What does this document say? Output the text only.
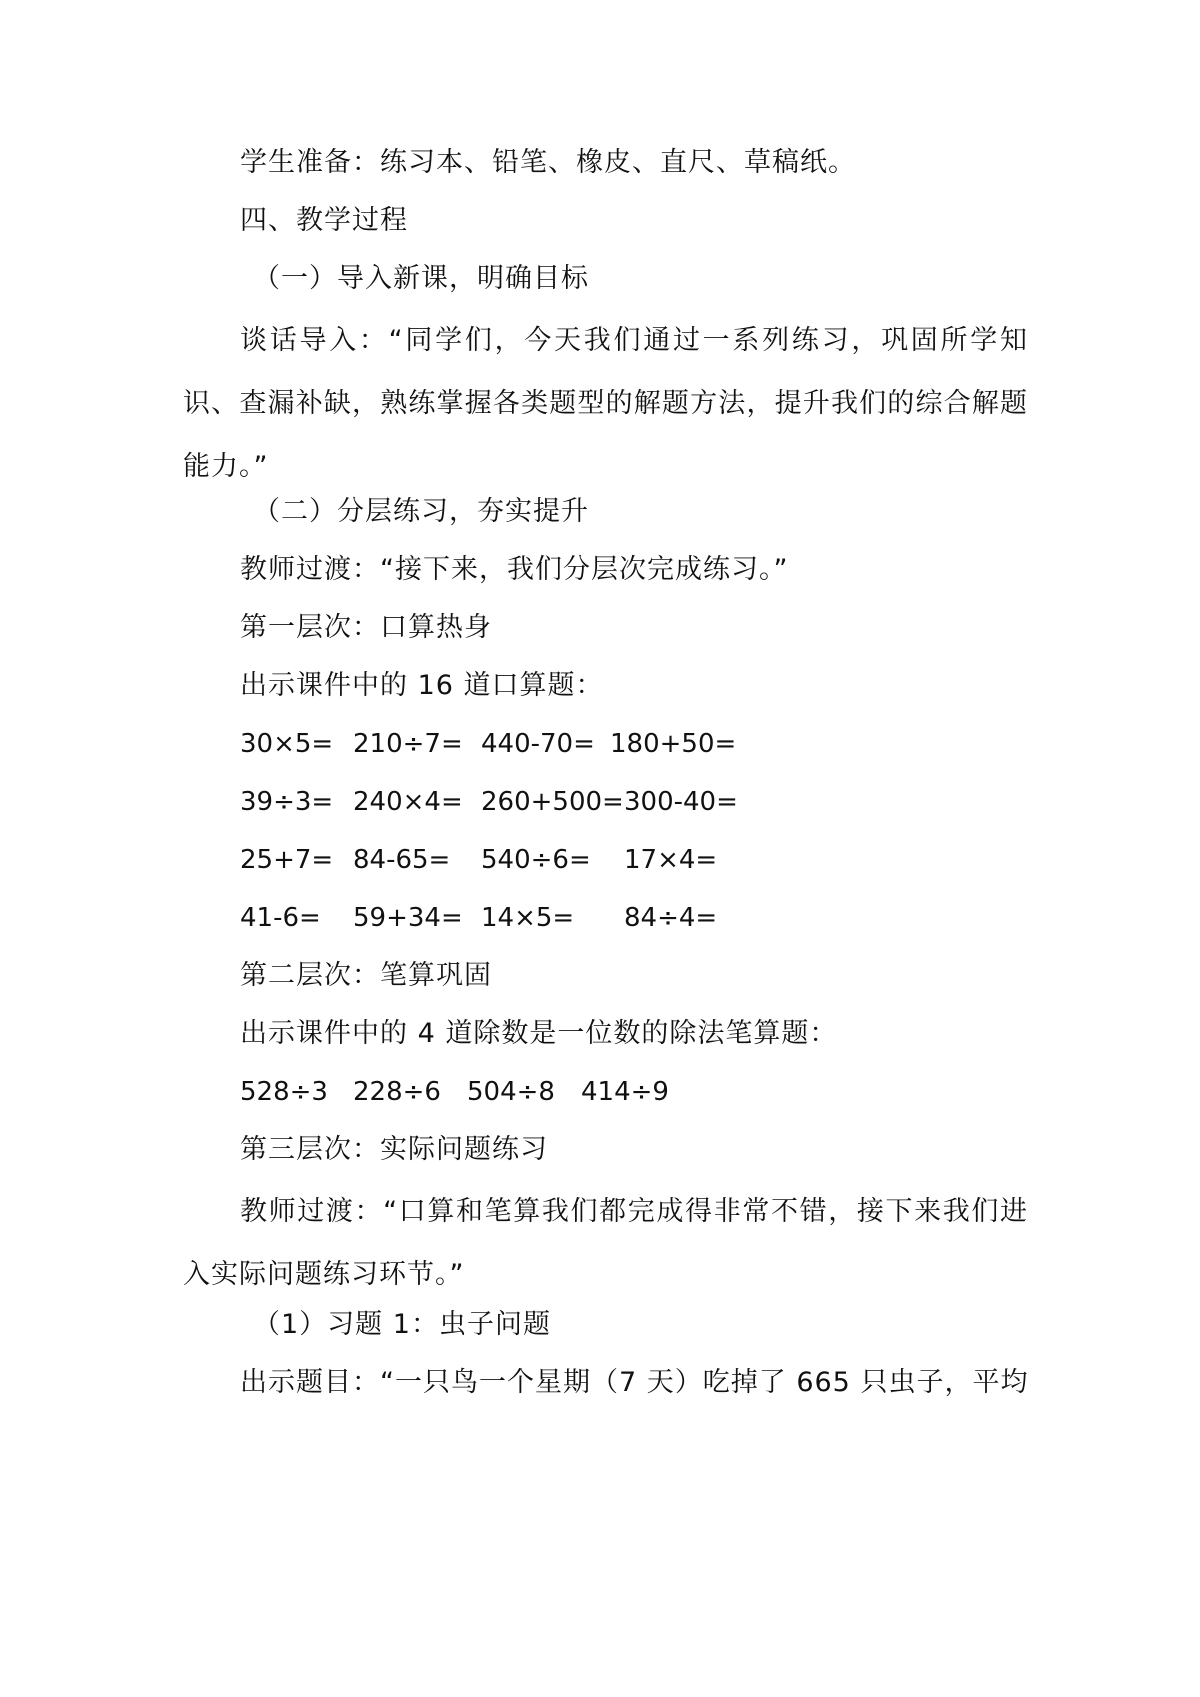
学生准备：练习本、铅笔、橡皮、直尺、草稿纸。
四、教学过程
（一）导入新课，明确目标
谈话导入：“同学们，今天我们通过一系列练习，巩固所学知识、查漏补缺，熟练掌握各类题型的解题方法，提升我们的综合解题能力。”
（二）分层练习，夯实提升
教师过渡：“接下来，我们分层次完成练习。”
第一层次：口算热身
出示课件中的 16 道口算题：
30×5= 210÷7= 440-70= 180+50=
39÷3= 240×4= 260+500= 300-40=
25+7= 84-65= 540÷6= 17×4=
41-6= 59+34= 14×5= 84÷4=
第二层次：笔算巩固
出示课件中的 4 道除数是一位数的除法笔算题：
528÷3 228÷6 504÷8 414÷9
第三层次：实际问题练习
教师过渡：“口算和笔算我们都完成得非常不错，接下来我们进入实际问题练习环节。”
（1）习题 1：虫子问题
出示题目：“一只鸟一个星期（7 天）吃掉了 665 只虫子，平均
